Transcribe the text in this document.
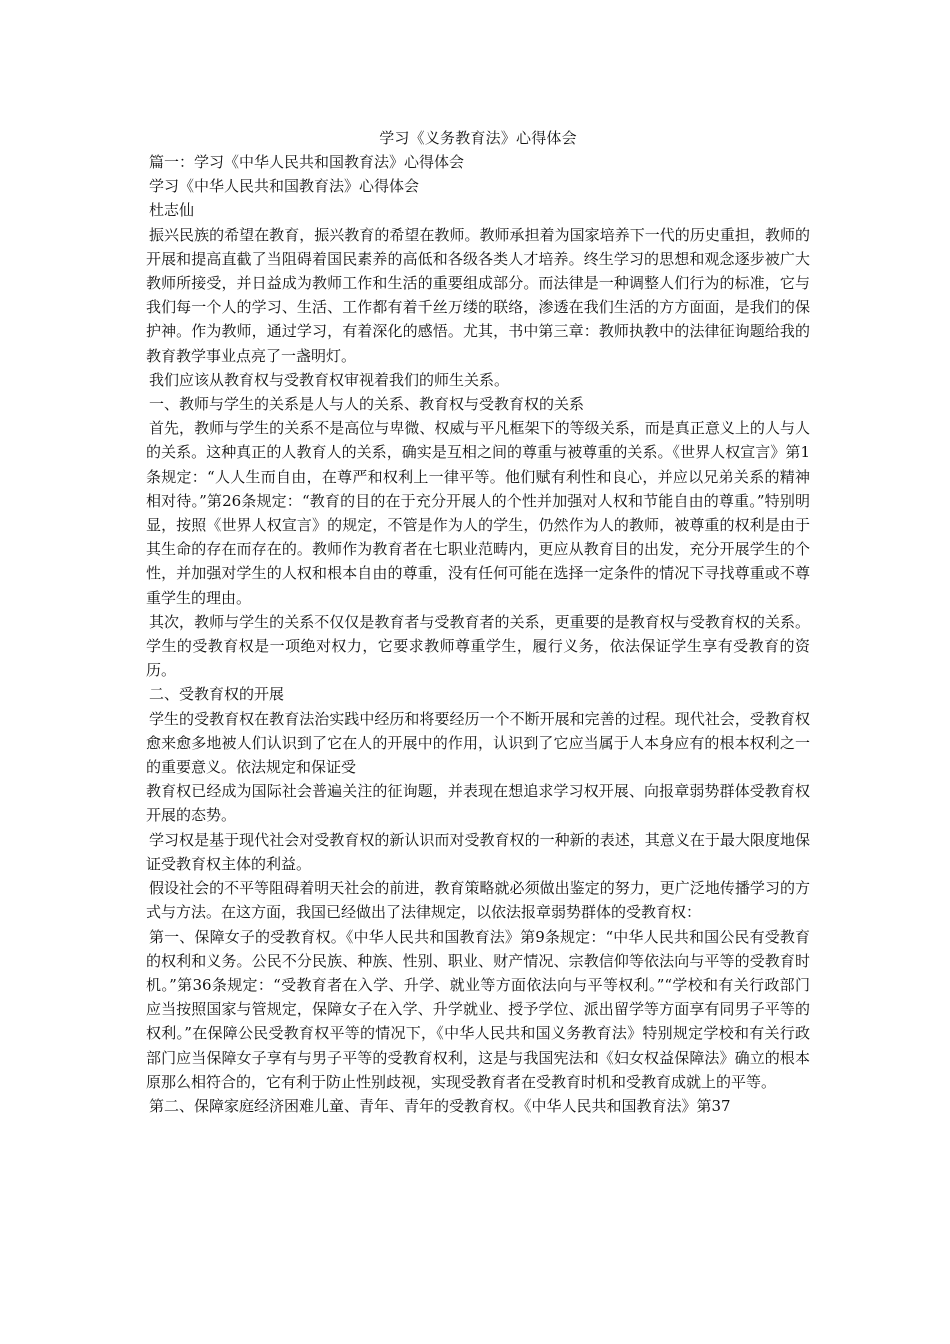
学习《义务教育法》心得体会

篇一：学习《中华人民共和国教育法》心得体会

学习《中华人民共和国教育法》心得体会

杜志仙

振兴民族的希望在教育，振兴教育的希望在教师。教师承担着为国家培养下一代的历史重担，教师的开展和提高直截了当阻碍着国民素养的高低和各级各类人才培养。终生学习的思想和观念逐步被广大教师所接受，并日益成为教师工作和生活的重要组成部分。而法律是一种调整人们行为的标准，它与我们每一个人的学习、生活、工作都有着千丝万缕的联络，渗透在我们生活的方方面面，是我们的保护神。作为教师，通过学习，有着深化的感悟。尤其，书中第三章：教师执教中的法律征询题给我的教育教学事业点亮了一盏明灯。

我们应该从教育权与受教育权审视着我们的师生关系。

一、教师与学生的关系是人与人的关系、教育权与受教育权的关系

首先，教师与学生的关系不是高位与卑微、权威与平凡框架下的等级关系，而是真正意义上的人与人的关系。这种真正的人教育人的关系，确实是互相之间的尊重与被尊重的关系。《世界人权宣言》第1条规定：“人人生而自由，在尊严和权利上一律平等。他们赋有利性和良心，并应以兄弟关系的精神相对待。”第26条规定：“教育的目的在于充分开展人的个性并加强对人权和节能自由的尊重。”特别明显，按照《世界人权宣言》的规定，不管是作为人的学生，仍然作为人的教师，被尊重的权利是由于其生命的存在而存在的。教师作为教育者在七职业范畴内，更应从教育目的出发，充分开展学生的个性，并加强对学生的人权和根本自由的尊重，没有任何可能在选择一定条件的情况下寻找尊重或不尊重学生的理由。

其次，教师与学生的关系不仅仅是教育者与受教育者的关系，更重要的是教育权与受教育权的关系。学生的受教育权是一项绝对权力，它要求教师尊重学生，履行义务，依法保证学生享有受教育的资历。

二、受教育权的开展

学生的受教育权在教育法治实践中经历和将要经历一个不断开展和完善的过程。现代社会，受教育权愈来愈多地被人们认识到了它在人的开展中的作用，认识到了它应当属于人本身应有的根本权利之一的重要意义。依法规定和保证受

教育权已经成为国际社会普遍关注的征询题，并表现在想追求学习权开展、向报章弱势群体受教育权开展的态势。

学习权是基于现代社会对受教育权的新认识而对受教育权的一种新的表述，其意义在于最大限度地保证受教育权主体的利益。

假设社会的不平等阻碍着明天社会的前进，教育策略就必须做出鉴定的努力，更广泛地传播学习的方式与方法。在这方面，我国已经做出了法律规定，以依法报章弱势群体的受教育权：

第一、保障女子的受教育权。《中华人民共和国教育法》第9条规定：“中华人民共和国公民有受教育的权利和义务。公民不分民族、种族、性别、职业、财产情况、宗教信仰等依法向与平等的受教育时机。”第36条规定：“受教育者在入学、升学、就业等方面依法向与平等权利。”“学校和有关行政部门应当按照国家与管规定，保障女子在入学、升学就业、授予学位、派出留学等方面享有同男子平等的权利。”在保障公民受教育权平等的情况下，《中华人民共和国义务教育法》特别规定学校和有关行政部门应当保障女子享有与男子平等的受教育权利，这是与我国宪法和《妇女权益保障法》确立的根本原那么相符合的，它有利于防止性别歧视，实现受教育者在受教育时机和受教育成就上的平等。

第二、保障家庭经济困难儿童、青年、青年的受教育权。《中华人民共和国教育法》第37
